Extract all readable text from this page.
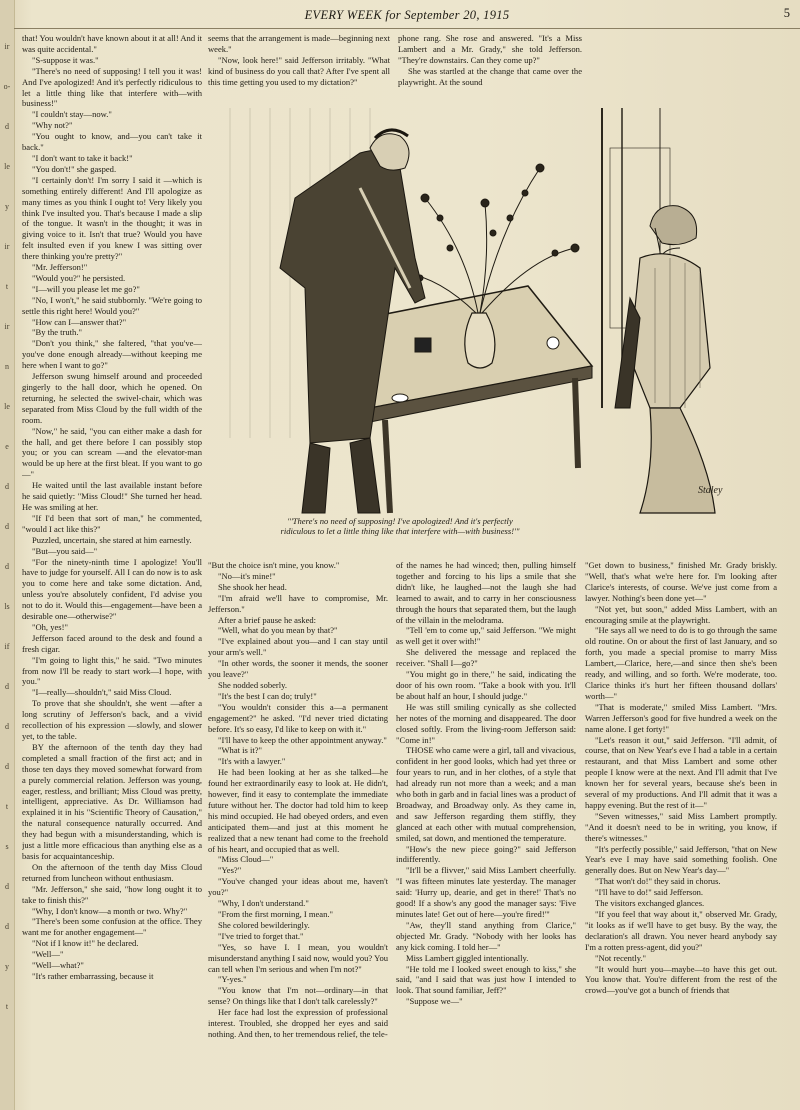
ir
o-
d
le
y
ir
t
ir
n
le
e
d
d
d
ls
if
d
d
d
t
s
d
d
y
t
EVERY WEEK for September 20, 1915	5

that! You wouldn't have known about it at all! And it was quite accidental."

"S-suppose it was."

"There's no need of supposing! I tell you it was! And I've apologized! And it's perfectly ridiculous to let a little thing like that interfere with—with business!"

"I couldn't stay—now."

"Why not?"

"You ought to know, and—you can't take it back."

"I don't want to take it back!"

"You don't!" she gasped.

"I certainly don't! I'm sorry I said it —which is something entirely different! And I'll apologize as many times as you think I ought to! Very likely you think I've insulted you. That's because I made a slip of the tongue. It wasn't in the thought; it was in giving voice to it. Isn't that true? Would you have felt insulted even if you knew I was sitting over there thinking you're pretty?"

"Mr. Jefferson!"

"Would you?" he persisted.

"I—will you please let me go?"

"No, I won't," he said stubbornly. "We're going to settle this right here! Would you?"

"How can I—answer that?"

"By the truth."

"Don't you think," she faltered, "that you've—you've done enough already—without keeping me here when I want to go?"

Jefferson swung himself around and proceeded gingerly to the hall door, which he opened. On returning, he selected the swivel-chair, which was separated from Miss Cloud by the full width of the room.

"Now," he said, "you can either make a dash for the hall, and get there before I can possibly stop you; or you can scream —and the elevator-man would be up here at the first bleat. If you want to go—"

He waited until the last available instant before he said quietly: "Miss Cloud!" She turned her head. He was smiling at her.

"If I'd been that sort of man," he commented, "would I act like this?"

Puzzled, uncertain, she stared at him earnestly.

"But—you said—"

"For the ninety-ninth time I apologize! You'll have to judge for yourself. All I can do now is to ask you to come here and take some dictation. And, unless you're absolutely confident, I'd advise you not to do it. Would this—engagement—have been a desirable one—otherwise?"

"Oh, yes!"

Jefferson faced around to the desk and found a fresh cigar.

"I'm going to light this," he said. "Two minutes from now I'll be ready to start work—I hope, with you."

"I—really—shouldn't," said Miss Cloud.

To prove that she shouldn't, she went —after a long scrutiny of Jefferson's back, and a vivid recollection of his expression —slowly, and slower yet, to the table.

BY the afternoon of the tenth day they had completed a small fraction of the first act; and in those ten days they moved somewhat forward from a purely commercial relation. Jefferson was young, eager, restless, and brilliant; Miss Cloud was pretty, intelligent, appreciative. As Dr. Williamson had explained it in his "Scientific Theory of Causation," the natural consequence naturally occurred. And they had begun with a misunderstanding, which is just a little more efficacious than anything else as a basis for acquaintanceship.

On the afternoon of the tenth day Miss Cloud returned from luncheon without enthusiasm.

"Mr. Jefferson," she said, "how long ought it to take to finish this?"

"Why, I don't know—a month or two. Why?"

"There's been some confusion at the office. They want me for another engagement—"

"Not if I know it!" he declared.

"Well—"

"Well—what?"

"It's rather embarrassing, because it

seems that the arrangement is made—beginning next week."

"Now, look here!" said Jefferson irritably. "What kind of business do you call that? After I've spent all this time getting you used to my dictation?"

phone rang. She rose and answered. "It's a Miss Lambert and a Mr. Grady," she told Jefferson. "They're downstairs. Can they come up?"

She was startled at the change that came over the playwright. At the sound

Staley
"'There's no need of supposing! I've apologized! And it's perfectly ridiculous to let a little thing like that interfere with—with business!'"

"But the choice isn't mine, you know."

"No—it's mine!"

She shook her head.

"I'm afraid we'll have to compromise, Mr. Jefferson."

After a brief pause he asked:

"Well, what do you mean by that?"

"I've explained about you—and I can stay until your arm's well."

"In other words, the sooner it mends, the sooner you leave?"

She nodded soberly.

"It's the best I can do; truly!"

"You wouldn't consider this a—a permanent engagement?" he asked. "I'd never tried dictating before. It's so easy, I'd like to keep on with it."

"I'll have to keep the other appointment anyway."

"What is it?"

"It's with a lawyer."

He had been looking at her as she talked—he found her extraordinarily easy to look at. He didn't, however, find it easy to contemplate the immediate future without her. The doctor had told him to keep his mind occupied. He had obeyed orders, and even anticipated them—and just at this moment he realized that a new tenant had come to the freehold of his heart, and occupied that as well.

"Miss Cloud—"

"Yes?"

"You've changed your ideas about me, haven't you?"

"Why, I don't understand."

"From the first morning, I mean."

She colored bewilderingly.

"I've tried to forget that."

"Yes, so have I. I mean, you wouldn't misunderstand anything I said now, would you? You can tell when I'm serious and when I'm not?"

"Y-yes."

"You know that I'm not—ordinary—in that sense? On things like that I don't talk carelessly?"

Her face had lost the expression of professional interest. Troubled, she dropped her eyes and said nothing. And then, to her tremendous relief, the tele-

of the names he had winced; then, pulling himself together and forcing to his lips a smile that she didn't like, he laughed—not the laugh she had learned to await, and to carry in her consciousness through the hours that separated them, but the laugh of the villain in the melodrama.

"Tell 'em to come up," said Jefferson. "We might as well get it over with!"

She delivered the message and replaced the receiver. "Shall I—go?"

"You might go in there," he said, indicating the door of his own room. "Take a book with you. It'll be about half an hour, I should judge."

He was still smiling cynically as she collected her notes of the morning and disappeared. The door closed softly. From the living-room Jefferson said: "Come in!"

THOSE who came were a girl, tall and vivacious, confident in her good looks, which had yet three or four years to run, and in her clothes, of a style that had already run not more than a week; and a man who both in garb and in facial lines was a product of Broadway, and Broadway only. As they came in, and saw Jefferson regarding them stiffly, they glanced at each other with mutual comprehension, smiled, sat down, and mentioned the temperature.

"How's the new piece going?" said Jefferson indifferently.

"It'll be a flivver," said Miss Lambert cheerfully. "I was fifteen minutes late yesterday. The manager said: 'Hurry up, dearie, and get in there!' That's no good! If a show's any good the manager says: 'Five minutes late! Get out of here—you're fired!'"

"Aw, they'll stand anything from Clarice," objected Mr. Grady. "Nobody with her looks has any kick coming. I told her—"

Miss Lambert giggled intentionally.

"He told me I looked sweet enough to kiss," she said, "and I said that was just how I intended to look. That sound familiar, Jeff?"

"Suppose we—"

"Get down to business," finished Mr. Grady briskly. "Well, that's what we're here for. I'm looking after Clarice's interests, of course. We've just come from a lawyer. Nothing's been done yet—"

"Not yet, but soon," added Miss Lambert, with an encouraging smile at the playwright.

"He says all we need to do is to go through the same old routine. On or about the first of last January, and so forth, you made a special promise to marry Miss Lambert,—Clarice, here,—and since then she's been ready, and willing, and so forth. We're moderate, too. Clarice thinks it's hurt her fifteen thousand dollars' worth—"

"That is moderate," smiled Miss Lambert. "Mrs. Warren Jefferson's good for five hundred a week on the name alone. I get forty!"

"Let's reason it out," said Jefferson. "I'll admit, of course, that on New Year's eve I had a table in a certain restaurant, and that Miss Lambert and some other people I know were at the next. And I'll admit that I've known her for several years, because she's been in several of my productions. And I'll admit that it was a happy evening. But the rest of it—"

"Seven witnesses," said Miss Lambert promptly. "And it doesn't need to be in writing, you know, if there's witnesses."

"It's perfectly possible," said Jefferson, "that on New Year's eve I may have said something foolish. One generally does. But on New Year's day—"

"That won't do!" they said in chorus.

"I'll have to do!" said Jefferson.

The visitors exchanged glances.

"If you feel that way about it," observed Mr. Grady, "it looks as if we'll have to get busy. By the way, the declaration's all drawn. You never heard anybody say I'm a rotten press-agent, did you?"

"Not recently."

"It would hurt you—maybe—to have this get out. You know that. You're different from the rest of the crowd—you've got a bunch of friends that
